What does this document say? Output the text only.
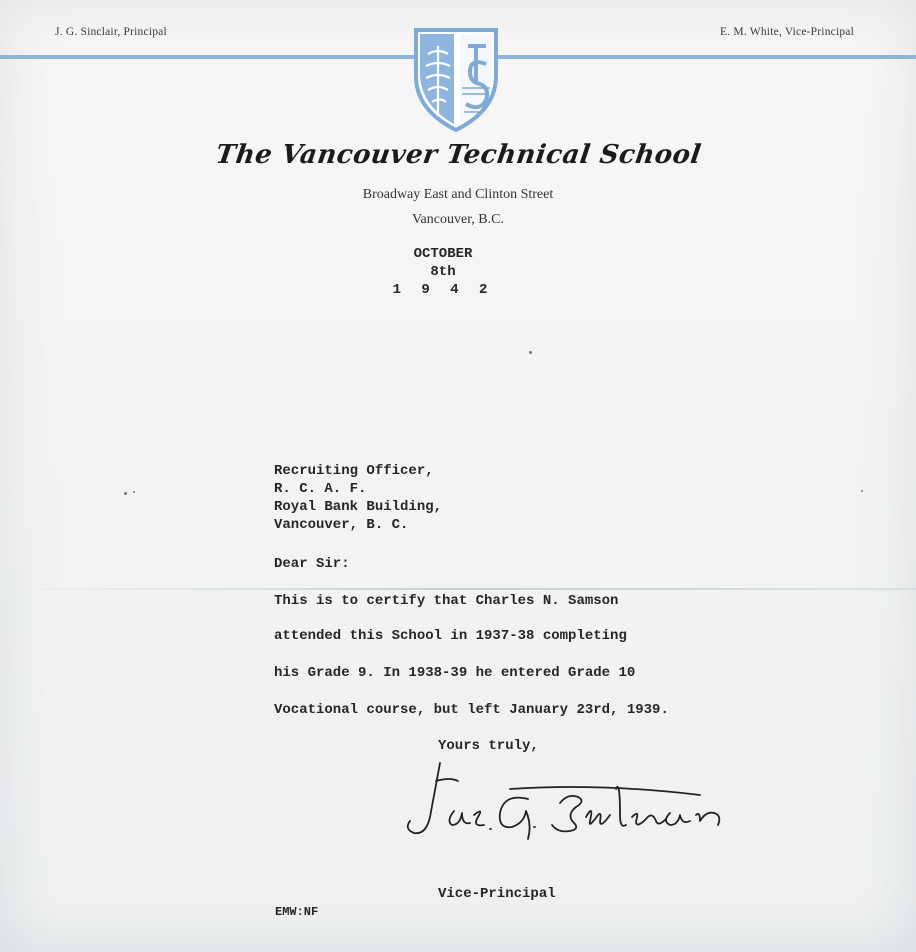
J. G. Sinclair, Principal	E. M. White, Vice-Principal
The Vancouver Technical School
Broadway East and Clinton Street
Vancouver, B.C.
OCTOBER
8th
1 9 4 2
Recruiting Officer,
R. C. A. F.
Royal Bank Building,
Vancouver, B. C.
Dear Sir:
This is to certify that Charles N. Samson
attended this School in 1937-38 completing
his Grade 9. In 1938-39 he entered Grade 10
Vocational course, but left January 23rd, 1939.
Yours truly,
Vice-Principal
EMW:NF
